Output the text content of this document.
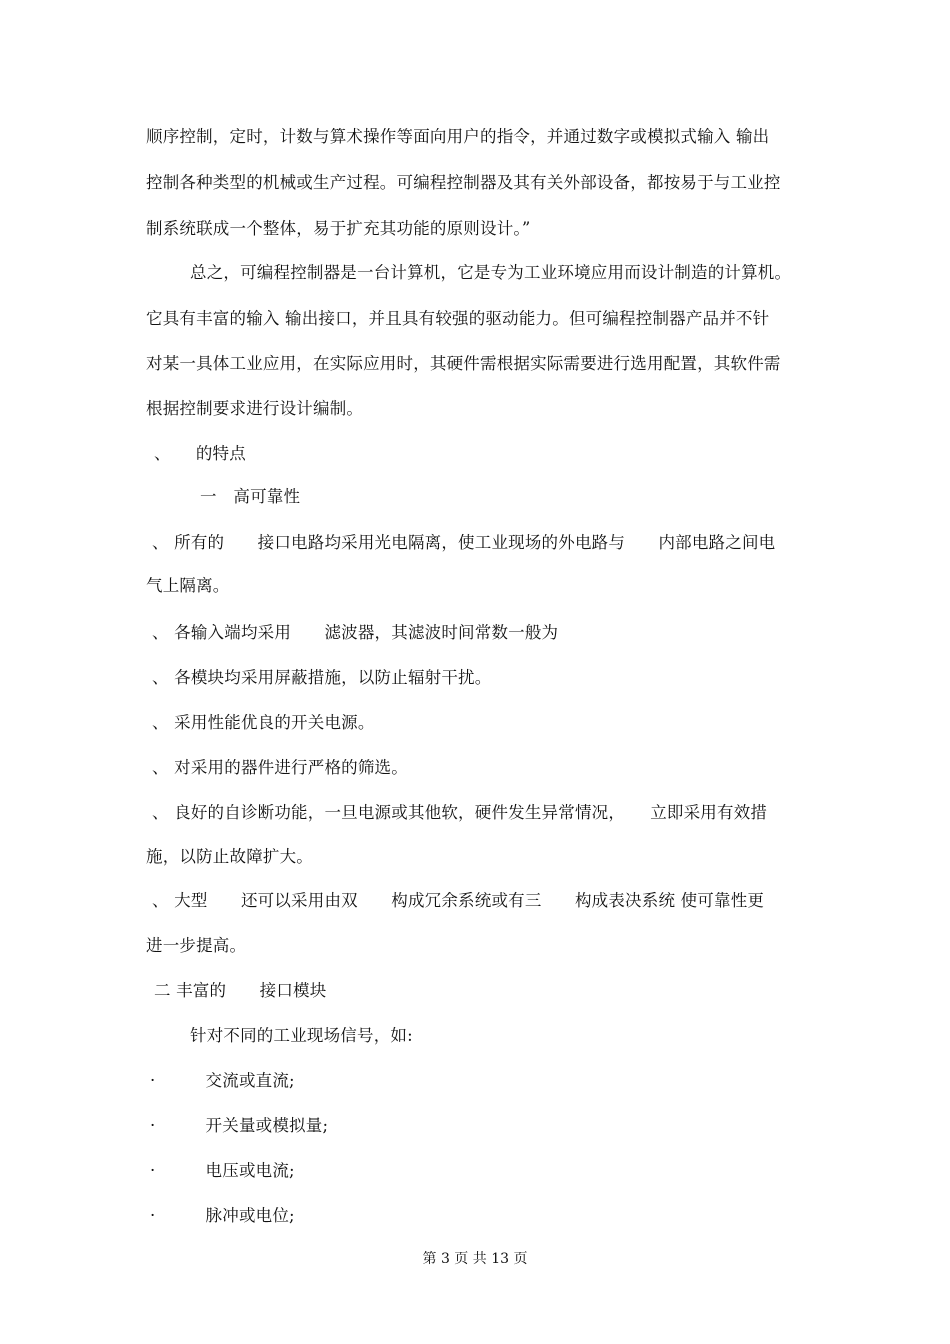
顺序控制，定时，计数与算术操作等面向用户的指令，并通过数字或模拟式输入 输出
控制各种类型的机械或生产过程。可编程控制器及其有关外部设备，都按易于与工业控
制系统联成一个整体，易于扩充其功能的原则设计。”
总之，可编程控制器是一台计算机，它是专为工业环境应用而设计制造的计算机。
它具有丰富的输入 输出接口，并且具有较强的驱动能力。但可编程控制器产品并不针
对某一具体工业应用，在实际应用时，其硬件需根据实际需要进行选用配置，其软件需
根据控制要求进行设计编制。
、　　的特点
一　高可靠性
、 所有的　　接口电路均采用光电隔离，使工业现场的外电路与　　内部电路之间电
气上隔离。
、 各输入端均采用　　滤波器，其滤波时间常数一般为
、 各模块均采用屏蔽措施，以防止辐射干扰。
、 采用性能优良的开关电源。
、 对采用的器件进行严格的筛选。
、 良好的自诊断功能，一旦电源或其他软，硬件发生异常情况，　　立即采用有效措
施，以防止故障扩大。
、 大型　　还可以采用由双　　构成冗余系统或有三　　构成表决系统 使可靠性更
进一步提高。
二 丰富的　　接口模块
针对不同的工业现场信号，如:
·　　　交流或直流;
·　　　开关量或模拟量;
·　　　电压或电流;
·　　　脉冲或电位;
第 3 页 共 13 页
